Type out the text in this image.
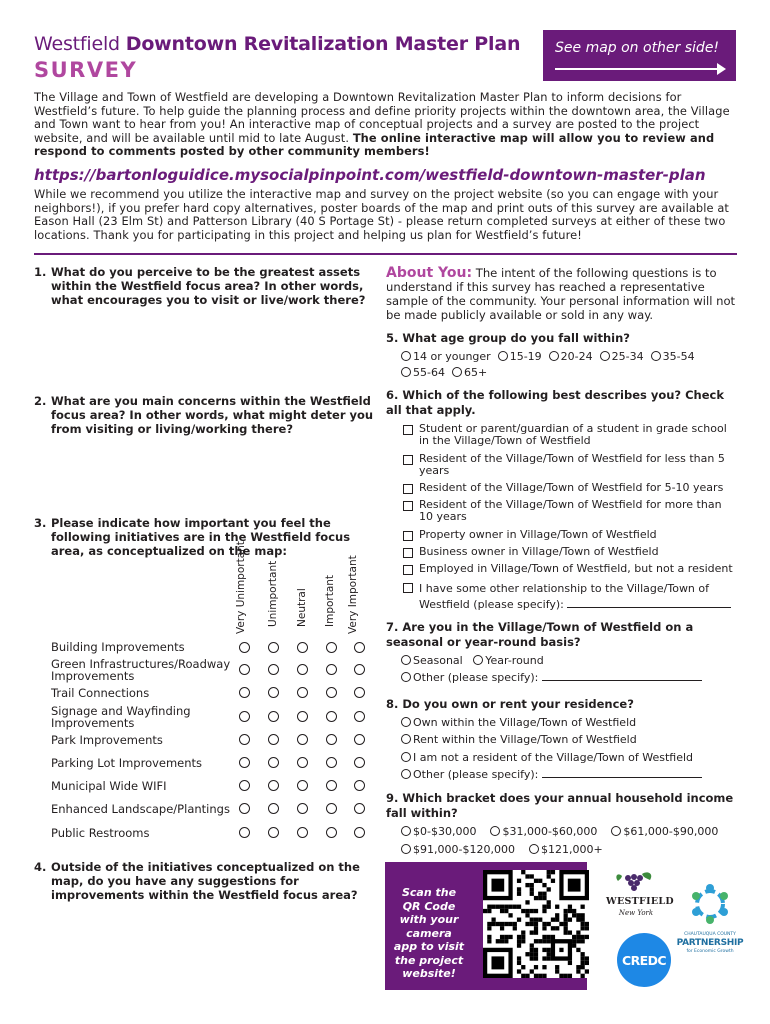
Westfield Downtown Revitalization Master Plan
SURVEY
See map on other side!
The Village and Town of Westfield are developing a Downtown Revitalization Master Plan to inform decisions for Westfield’s future. To help guide the planning process and define priority projects within the downtown area, the Village and Town want to hear from you! An interactive map of conceptual projects and a survey are posted to the project website, and will be available until mid to late August. The online interactive map will allow you to review and respond to comments posted by other community members!
https://bartonloguidice.mysocialpinpoint.com/westfield-downtown-master-plan
While we recommend you utilize the interactive map and survey on the project website (so you can engage with your neighbors!), if you prefer hard copy alternatives, poster boards of the map and print outs of this survey are available at Eason Hall (23 Elm St) and Patterson Library (40 S Portage St) - please return completed surveys at either of these two locations. Thank you for participating in this project and helping us plan for Westfield’s future!
1. What do you perceive to be the greatest assets within the Westfield focus area? In other words, what encourages you to visit or live/work there?
2. What are you main concerns within the Westfield focus area? In other words, what might deter you from visiting or living/working there?
3. Please indicate how important you feel the following initiatives are in the Westfield focus area, as conceptualized on the map:
Very Unimportant Unimportant Neutral Important Very Important
Building Improvements
Green Infrastructures/Roadway Improvements
Trail Connections
Signage and Wayfinding Improvements
Park Improvements
Parking Lot Improvements
Municipal Wide WIFI
Enhanced Landscape/Plantings
Public Restrooms
4. Outside of the initiatives conceptualized on the map, do you have any suggestions for improvements within the Westfield focus area?
About You: The intent of the following questions is to understand if this survey has reached a representative sample of the community. Your personal information will not be made publicly available or sold in any way.
5. What age group do you fall within?
14 or younger 15-19 20-24 25-34 35-54
55-64 65+
6. Which of the following best describes you? Check all that apply.
Student or parent/guardian of a student in grade school in the Village/Town of Westfield
Resident of the Village/Town of Westfield for less than 5 years
Resident of the Village/Town of Westfield for 5-10 years
Resident of the Village/Town of Westfield for more than 10 years
Property owner in Village/Town of Westfield
Business owner in Village/Town of Westfield
Employed in Village/Town of Westfield, but not a resident
I have some other relationship to the Village/Town of Westfield (please specify):
7. Are you in the Village/Town of Westfield on a seasonal or year-round basis?
Seasonal Year-round
Other (please specify):
8. Do you own or rent your residence?
Own within the Village/Town of Westfield
Rent within the Village/Town of Westfield
I am not a resident of the Village/Town of Westfield
Other (please specify):
9. Which bracket does your annual household income fall within?
$0-$30,000 $31,000-$60,000 $61,000-$90,000
$91,000-$120,000 $121,000+
Scan the QR Code with your camera app to visit the project website!
WESTFIELD
New York
CHAUTAUQUA COUNTY
PARTNERSHIP
for Economic Growth
CREDC
